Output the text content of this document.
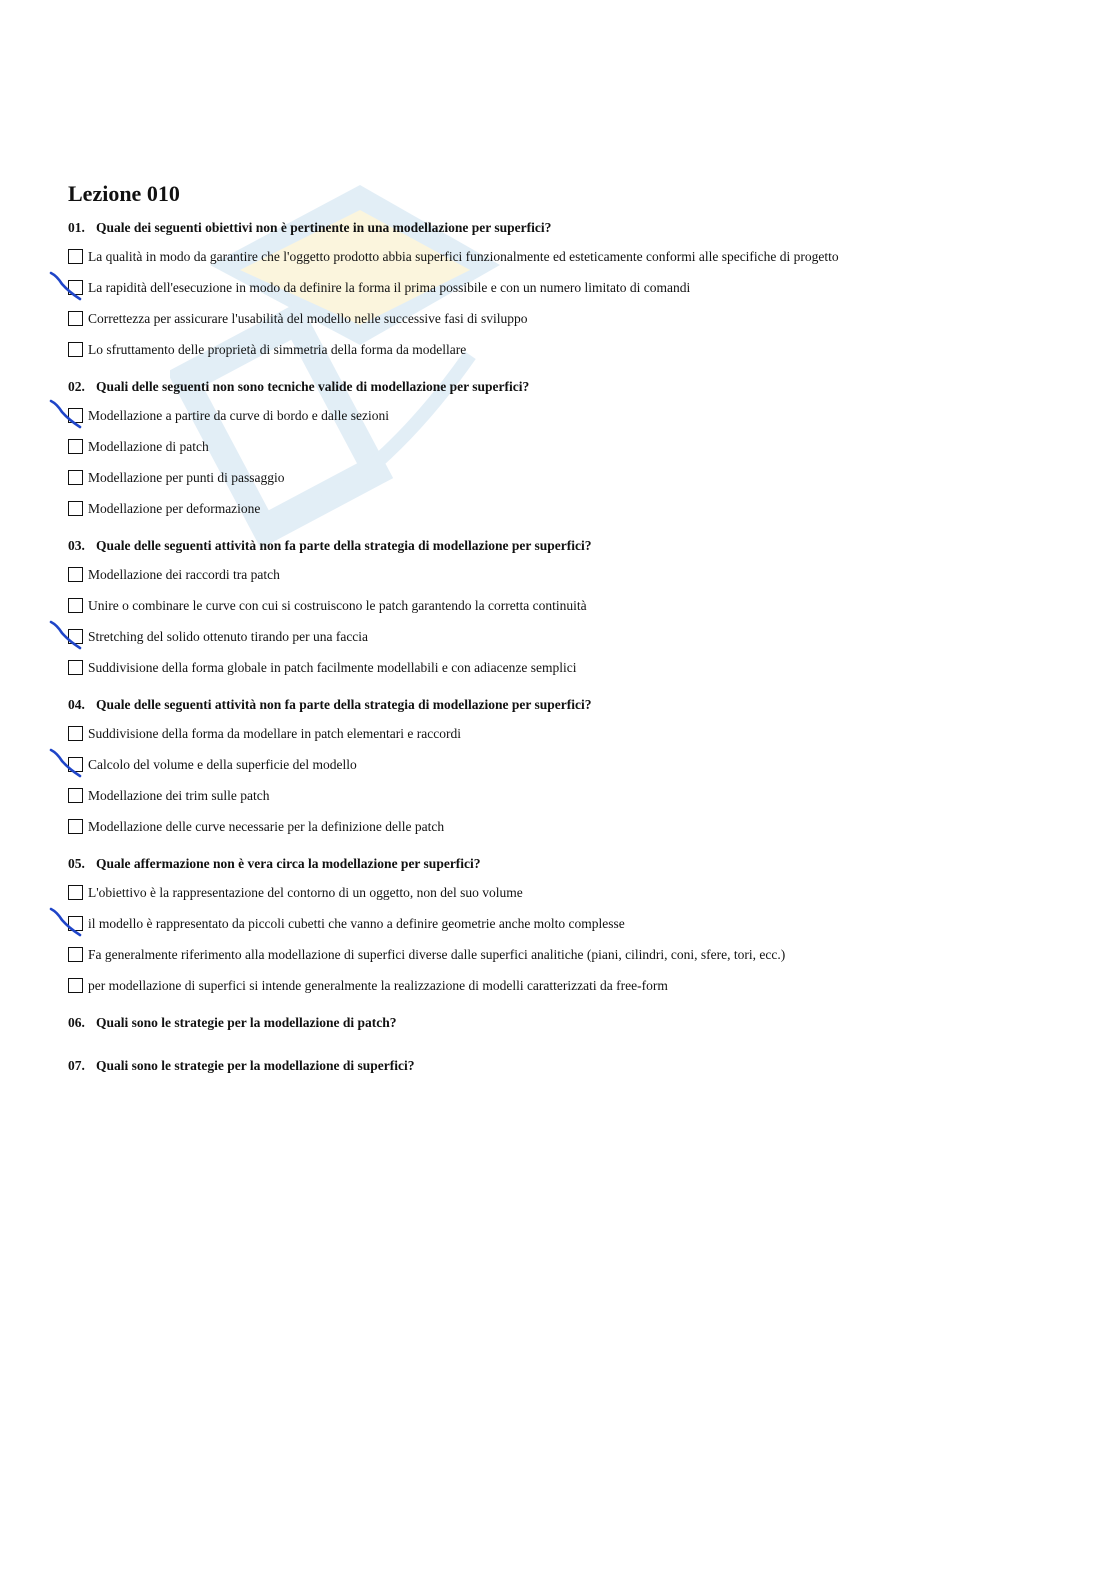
Lezione 010
01. Quale dei seguenti obiettivi non è pertinente in una modellazione per superfici?
La qualità in modo da garantire che l'oggetto prodotto abbia superfici funzionalmente ed esteticamente conformi alle specifiche di progetto
La rapidità dell'esecuzione in modo da definire la forma il prima possibile e con un numero limitato di comandi
Correttezza per assicurare l'usabilità del modello nelle successive fasi di sviluppo
Lo sfruttamento delle proprietà di simmetria della forma da modellare
02. Quali delle seguenti non sono tecniche valide di modellazione per superfici?
Modellazione a partire da curve di bordo e dalle sezioni
Modellazione di patch
Modellazione per punti di passaggio
Modellazione per deformazione
03. Quale delle seguenti attività non fa parte della strategia di modellazione per superfici?
Modellazione dei raccordi tra patch
Unire o combinare le curve con cui si costruiscono le patch garantendo la corretta continuità
Stretching del solido ottenuto tirando per una faccia
Suddivisione della forma globale in patch facilmente modellabili e con adiacenze semplici
04. Quale delle seguenti attività non fa parte della strategia di modellazione per superfici?
Suddivisione della forma da modellare in patch elementari e raccordi
Calcolo del volume e della superficie del modello
Modellazione dei trim sulle patch
Modellazione delle curve necessarie per la definizione delle patch
05. Quale affermazione non è vera circa la modellazione per superfici?
L'obiettivo è la rappresentazione del contorno di un oggetto, non del suo volume
il modello è rappresentato da piccoli cubetti che vanno a definire geometrie anche molto complesse
Fa generalmente riferimento alla modellazione di superfici diverse dalle superfici analitiche (piani, cilindri, coni, sfere, tori, ecc.)
per modellazione di superfici si intende generalmente la realizzazione di modelli caratterizzati da free-form
06. Quali sono le strategie per la modellazione di patch?
07. Quali sono le strategie per la modellazione di superfici?
